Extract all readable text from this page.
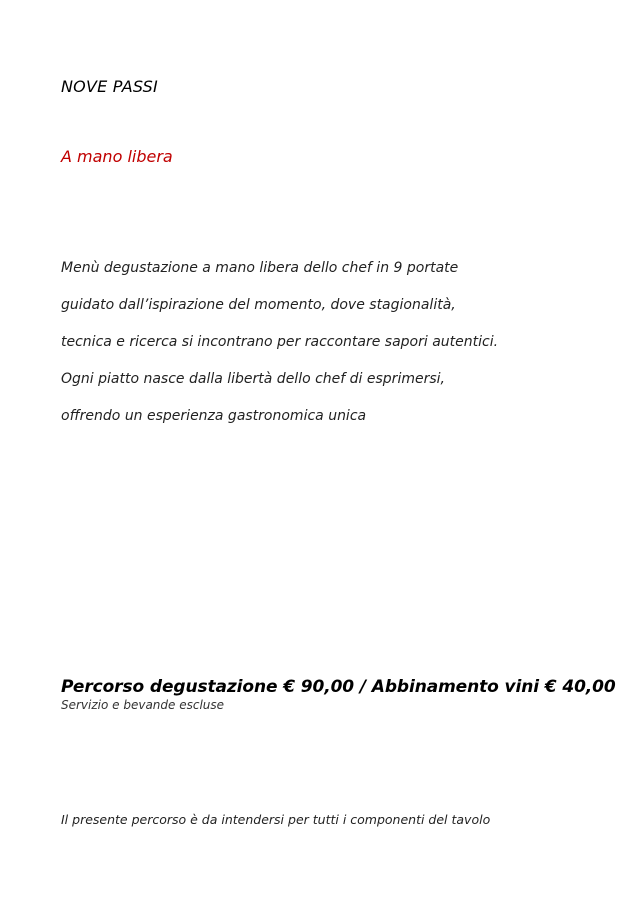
NOVE PASSI
A mano libera
Menù degustazione a mano libera dello chef in 9 portate
guidato dall’ispirazione del momento, dove stagionalità,
tecnica e ricerca si incontrano per raccontare sapori autentici.
Ogni piatto nasce dalla libertà dello chef di esprimersi,
offrendo un esperienza gastronomica unica
Percorso degustazione € 90,00 / Abbinamento vini € 40,00
Servizio e bevande escluse
Il presente percorso è da intendersi per tutti i componenti del tavolo
